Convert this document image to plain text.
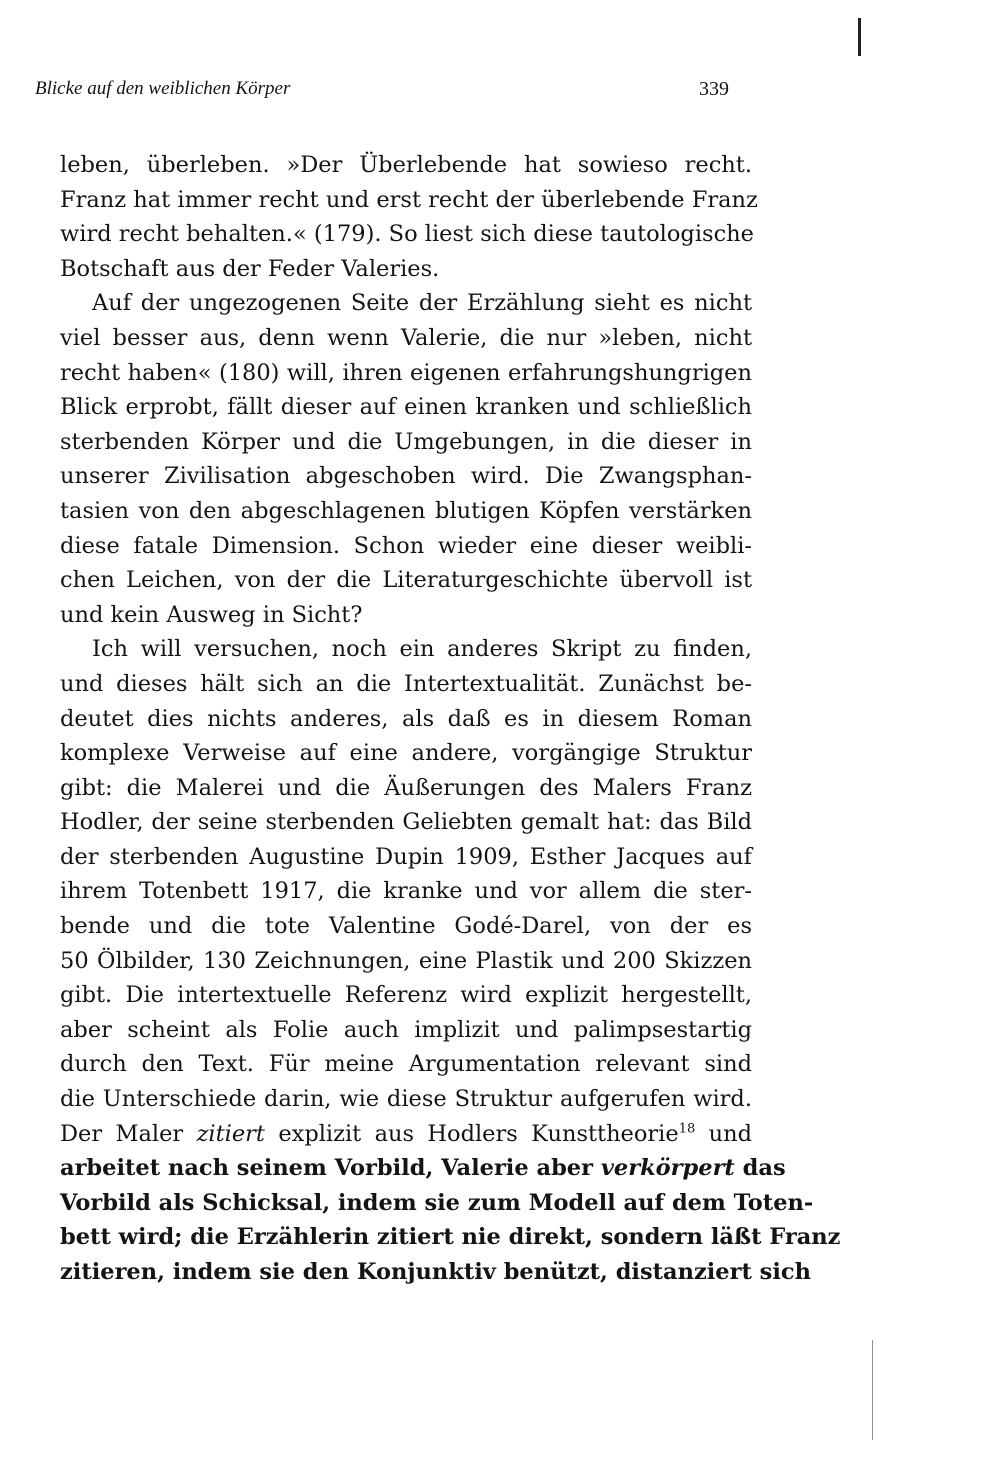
Blicke auf den weiblichen Körper	339
leben, überleben. »Der Überlebende hat sowieso recht.
Franz hat immer recht und erst recht der überlebende Franz
wird recht behalten.« (179). So liest sich diese tautologische
Botschaft aus der Feder Valeries.
Auf der ungezogenen Seite der Erzählung sieht es nicht
viel besser aus, denn wenn Valerie, die nur »leben, nicht
recht haben« (180) will, ihren eigenen erfahrungshungrigen
Blick erprobt, fällt dieser auf einen kranken und schließlich
sterbenden Körper und die Umgebungen, in die dieser in
unserer Zivilisation abgeschoben wird. Die Zwangsphan-
tasien von den abgeschlagenen blutigen Köpfen verstärken
diese fatale Dimension. Schon wieder eine dieser weibli-
chen Leichen, von der die Literaturgeschichte übervoll ist
und kein Ausweg in Sicht?
Ich will versuchen, noch ein anderes Skript zu finden,
und dieses hält sich an die Intertextualität. Zunächst be-
deutet dies nichts anderes, als daß es in diesem Roman
komplexe Verweise auf eine andere, vorgängige Struktur
gibt: die Malerei und die Äußerungen des Malers Franz
Hodler, der seine sterbenden Geliebten gemalt hat: das Bild
der sterbenden Augustine Dupin 1909, Esther Jacques auf
ihrem Totenbett 1917, die kranke und vor allem die ster-
bende und die tote Valentine Godé-Darel, von der es
50 Ölbilder, 130 Zeichnungen, eine Plastik und 200 Skizzen
gibt. Die intertextuelle Referenz wird explizit hergestellt,
aber scheint als Folie auch implizit und palimpsestartig
durch den Text. Für meine Argumentation relevant sind
die Unterschiede darin, wie diese Struktur aufgerufen wird.
Der Maler zitiert explizit aus Hodlers Kunsttheorie$^{18}$ und
arbeitet nach seinem Vorbild, Valerie aber verkörpert das
Vorbild als Schicksal, indem sie zum Modell auf dem Toten-
bett wird; die Erzählerin zitiert nie direkt, sondern läßt Franz
zitieren, indem sie den Konjunktiv benützt, distanziert sich
